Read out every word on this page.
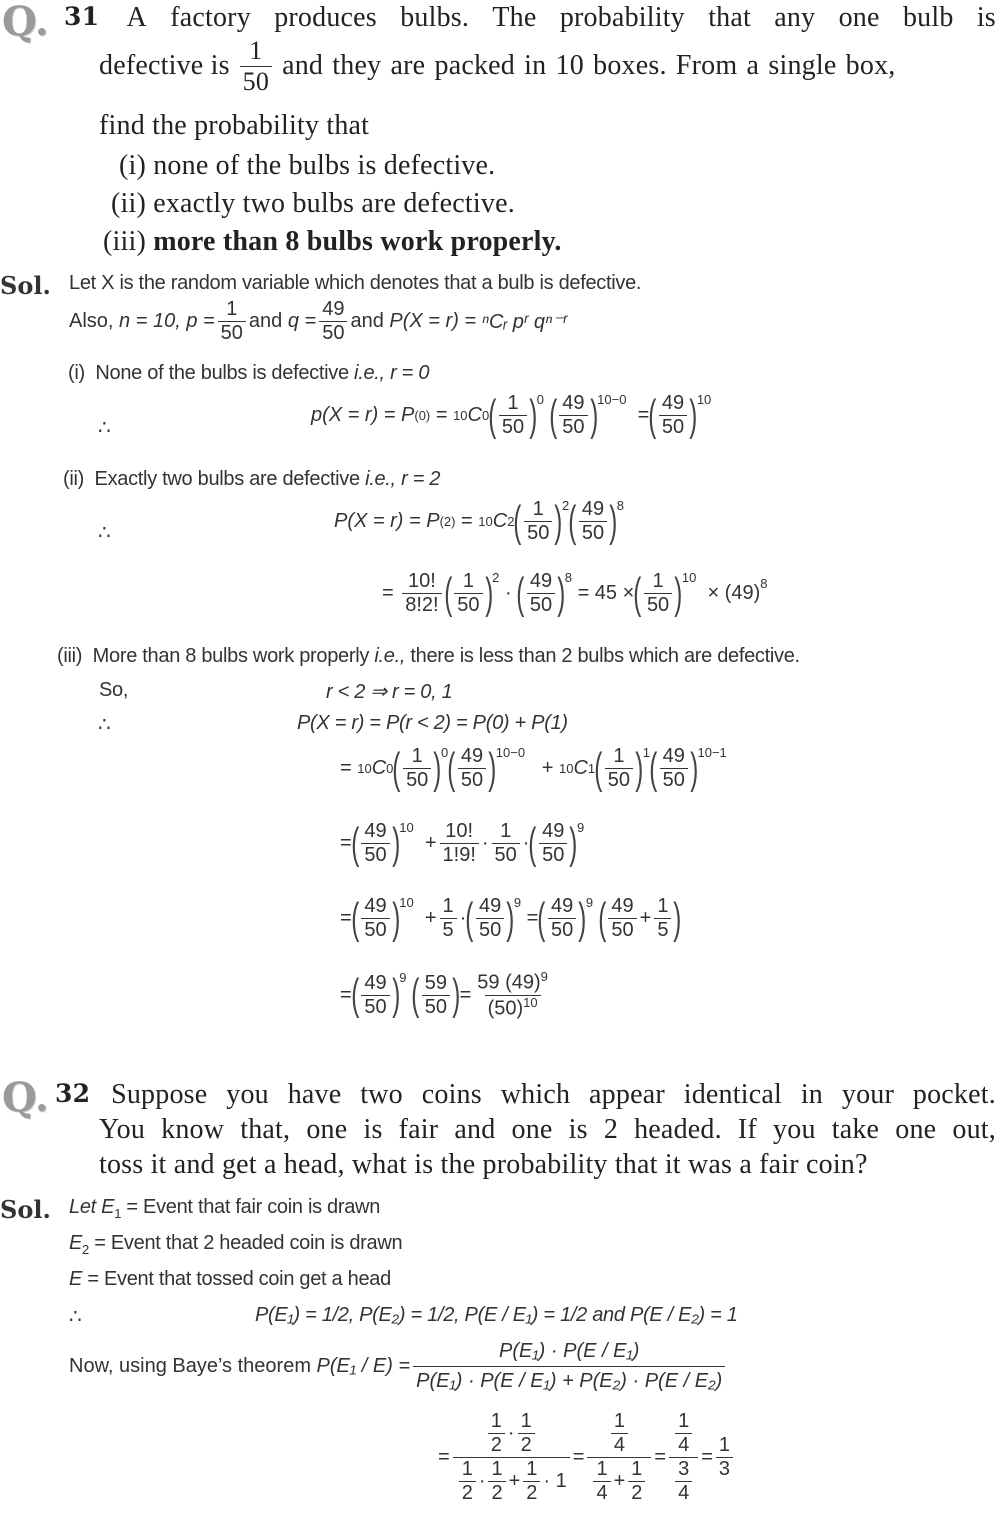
Q. 31 A factory produces bulbs. The probability that any one bulb is
defective is $\frac{1}{50}$ and they are packed in 10 boxes. From a single box,
find the probability that
(i) none of the bulbs is defective.
(ii) exactly two bulbs are defective.
(iii) more than 8 bulbs work properly.
Sol. Let X is the random variable which denotes that a bulb is defective.
Also,
n = 10,
$p = \frac{1}{50}$ and
$q = \frac{49}{50}$ and
P(X = r) =
ⁿCᵣ pʳ qⁿ⁻ʳ
(i) None of the bulbs is defective i.e., r = 0
∴
p(X = r) = P (0)
=
10 C 0 ( $\frac{1}{50} )^0$
( $\frac{49}{50} )^{10-0}$

= ( $\frac{49}{50} )^{10}$
(ii) Exactly two bulbs are defective i.e., r = 2
∴
P(X = r) = P (2) = 10 C 2 ( $\frac{1}{50} )^2$ ( $\frac{49}{50} )^8$
= $\frac{10!}{8!2!}$ ( $\frac{1}{50} )^2$

·
( $\frac{49}{50} )^8$

= 45 × ( $\frac{1}{50} )^{10}$

× $(49)^8$
(iii) More than 8 bulbs work properly i.e., there is less than 2 bulbs which are defective.
So,	r < 2 ⇒ r = 0, 1
∴	P(X = r) = P(r < 2) = P(0) + P(1)
= 10 C 0 ( $\frac{1}{50} )^0$ ( $\frac{49}{50} )^{10-0}$
+ 10 C 1 ( $\frac{1}{50} )^1$ ( $\frac{49}{50} )^{10-1}$
= ( $\frac{49}{50} )^{10}$
+ $\frac{10!}{1!9!} \cdot \frac{1}{50}$ · ( $\frac{49}{50} )^9$
= ( $\frac{49}{50} )^{10}$
+ $\frac{1}{5}$ · ( $\frac{49}{50} )^9$
= ( $\frac{49}{50} )^9$
( $\frac{49}{50} + \frac{1}{5}$ )
= ( $\frac{49}{50} )^9$
( $\frac{59}{50}$ ) = $\frac{59 (49)^9}{(50)^{10}}$
Q. 32 Suppose you have two coins which appear identical in your pocket.
You know that, one is fair and one is 2 headed. If you take one out,
toss it and get a head, what is the probability that it was a fair coin?
Sol. Let $E_1$ = Event that fair coin is drawn
$E_2$ = Event that 2 headed coin is drawn
E = Event that tossed coin get a head
∴	P(E₁) = 1/2, P(E₂) = 1/2, P(E / E₁) = 1/2 and P(E / E₂) = 1
Now, using Baye’s theorem
$P(E_1 / E) = \frac{\text{P(E₁) · P(E / E₁)}}{\text{P(E₁) · P(E / E₁) + P(E₂) · P(E / E₂)}}$
= $\frac{\frac{1}{2} \cdot \frac{1}{2}}{\frac{1}{2} \cdot \frac{1}{2} + \frac{1}{2} \cdot 1} = \frac{\frac{1}{4}}{\frac{1}{4} + \frac{1}{2}} = \frac{\frac{1}{4}}{\frac{3}{4}} = \frac{1}{3}$
